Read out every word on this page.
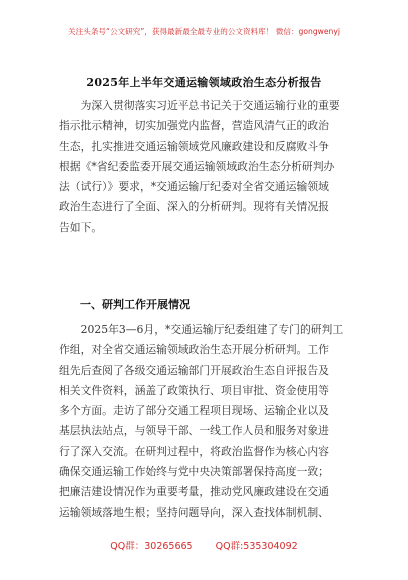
关注头条号“公文研究”，获得最新最全最专业的公文资料库！ 微信：gongwenyj
2025年上半年交通运输领域政治生态分析报告
　　为深入贯彻落实习近平总书记关于交通运输行业的重要
指示批示精神，切实加强党内监督，营造风清气正的政治
生态，扎实推进交通运输领域党风廉政建设和反腐败斗争
根据《*省纪委监委开展交通运输领域政治生态分析研判办
法（试行）》要求，*交通运输厅纪委对全省交通运输领域
政治生态进行了全面、深入的分析研判。现将有关情况报
告如下。
一、研判工作开展情况
　　2025年3—6月，*交通运输厅纪委组建了专门的研判工
作组，对全省交通运输领域政治生态开展分析研判。工作
组先后查阅了各级交通运输部门开展政治生态自评报告及
相关文件资料，涵盖了政策执行、项目审批、资金使用等
多个方面。走访了部分交通工程项目现场、运输企业以及
基层执法站点，与领导干部、一线工作人员和服务对象进
行了深入交流。在研判过程中，将政治监督作为核心内容
确保交通运输工作始终与党中央决策部署保持高度一致；
把廉洁建设情况作为重要考量，推动党风廉政建设在交通
运输领域落地生根；坚持问题导向，深入查找体制机制、
QQ群：30265665 QQ群:535304092
